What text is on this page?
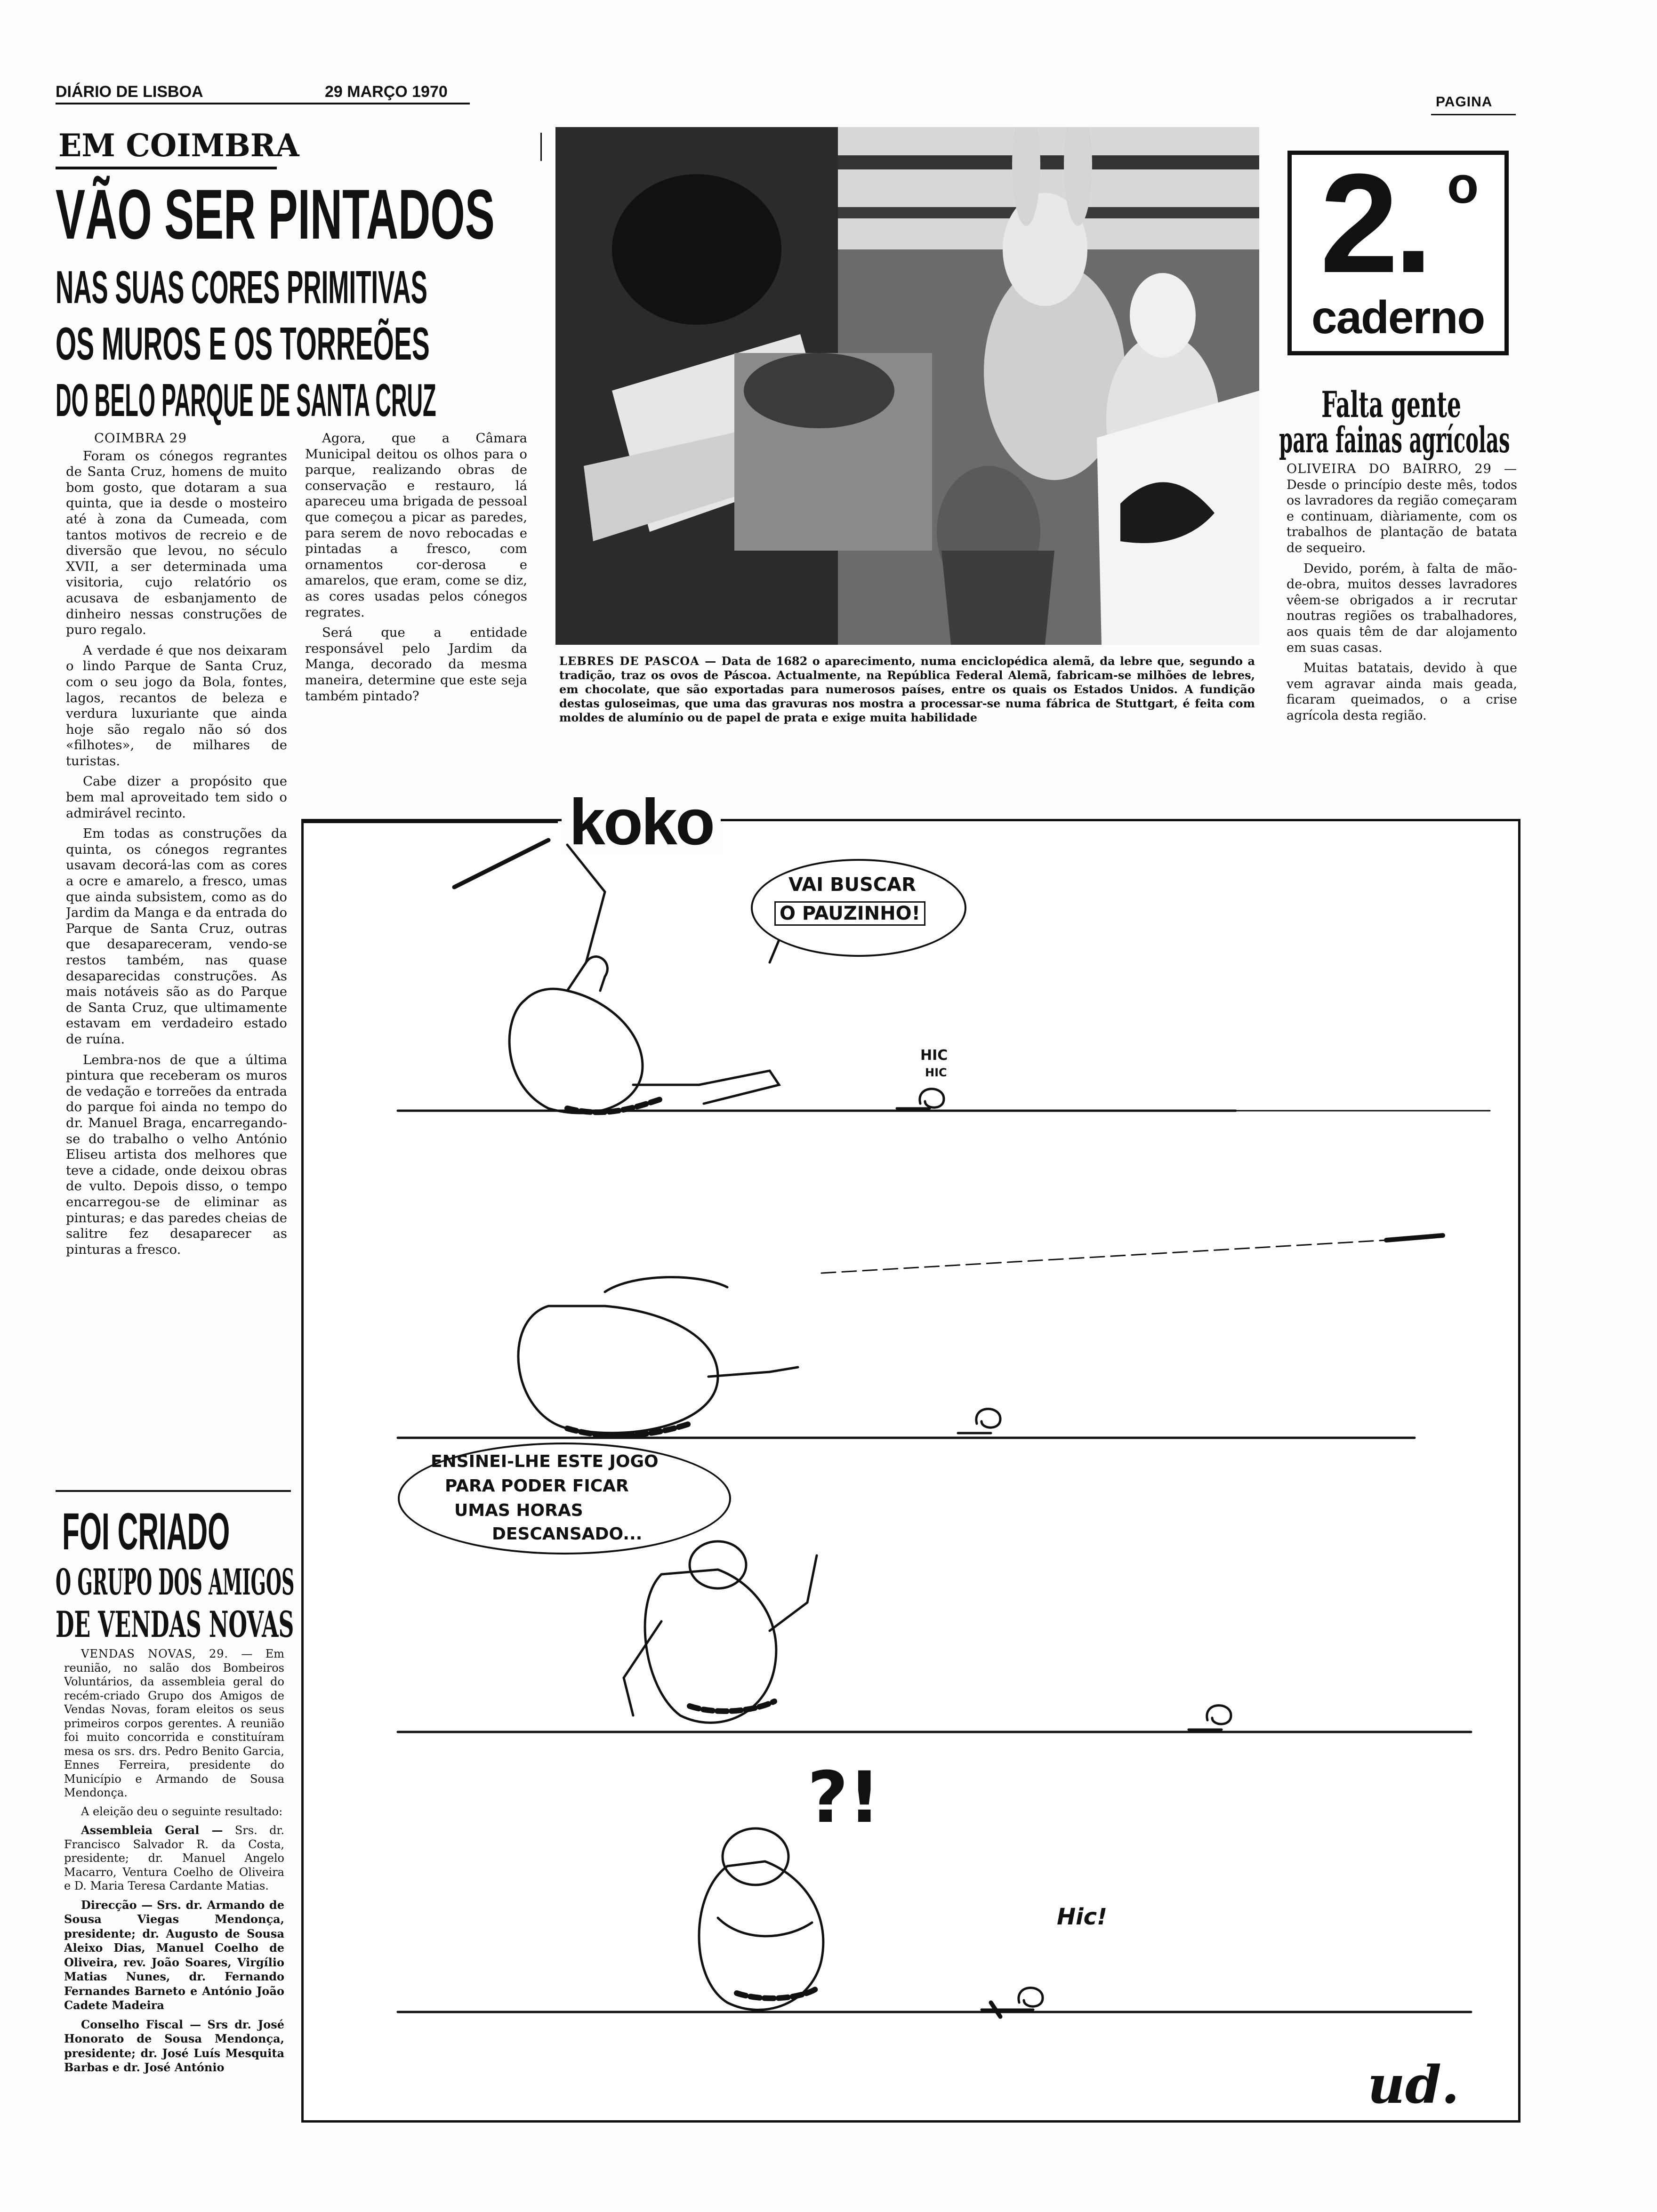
DIÁRIO DE LISBOA	29 MARÇO 1970
PAGINA
EM COIMBRA
VÃO SER PINTADOS
NAS SUAS CORES PRIMITIVAS
OS MUROS E OS TORREÕES
DO BELO PARQUE DE SANTA CRUZ
COIMBRA 29

Foram os cónegos regrantes de Santa Cruz, homens de muito bom gosto, que dotaram a sua quinta, que ia desde o mosteiro até à zona da Cumeada, com tantos motivos de recreio e de diversão que levou, no século XVII, a ser determinada uma visitoria, cujo relatório os acusava de esbanjamento de dinheiro nessas construções de puro regalo.

A verdade é que nos deixaram o lindo Parque de Santa Cruz, com o seu jogo da Bola, fontes, lagos, recantos de beleza e verdura luxuriante que ainda hoje são regalo não só dos «filhotes», de milhares de turistas.

Cabe dizer a propósito que bem mal aproveitado tem sido o admirável recinto.

Em todas as construções da quinta, os cónegos regrantes usavam decorá-las com as cores a ocre e amarelo, a fresco, umas que ainda subsistem, como as do Jardim da Manga e da entrada do Parque de Santa Cruz, outras que desapareceram, vendo-se restos também, nas quase desaparecidas construções. As mais notáveis são as do Parque de Santa Cruz, que ultimamente estavam em verdadeiro estado de ruína.

Lembra-nos de que a última pintura que receberam os muros de vedação e torreões da entrada do parque foi ainda no tempo do dr. Manuel Braga, encarregando-se do trabalho o velho António Eliseu artista dos melhores que teve a cidade, onde deixou obras de vulto. Depois disso, o tempo encarregou-se de eliminar as pinturas; e das paredes cheias de salitre fez desaparecer as pinturas a fresco.

Agora, que a Câmara Municipal deitou os olhos para o parque, realizando obras de conservação e restauro, lá apareceu uma brigada de pessoal que começou a picar as paredes, para serem de novo rebocadas e pintadas a fresco, com ornamentos cor-derosa e amarelos, que eram, come se diz, as cores usadas pelos cónegos regrates.

Será que a entidade responsável pelo Jardim da Manga, decorado da mesma maneira, determine que este seja também pintado?

LEBRES DE PASCOA — Data de 1682 o aparecimento, numa enciclopédica alemã, da lebre que, segundo a tradição, traz os ovos de Páscoa. Actualmente, na República Federal Alemã, fabricam-se milhões de lebres, em chocolate, que são exportadas para numerosos países, entre os quais os Estados Unidos. A fundição destas guloseimas, que uma das gravuras nos mostra a processar-se numa fábrica de Stuttgart, é feita com moldes de alumínio ou de papel de prata e exige muita habilidade
2. o
caderno
Falta gente
para fainas agrícolas

OLIVEIRA DO BAIRRO, 29 — Desde o princípio deste mês, todos os lavradores da região começaram e continuam, diàriamente, com os trabalhos de plantação de batata de sequeiro.

Devido, porém, à falta de mão-de-obra, muitos desses lavradores vêem-se obrigados a ir recrutar noutras regiões os trabalhadores, aos quais têm de dar alojamento em suas casas.

Muitas batatais, devido à que vem agravar ainda mais geada, ficaram queimados, o a crise agrícola desta região.

FOI CRIADO
O GRUPO DOS AMIGOS
DE VENDAS NOVAS

VENDAS NOVAS, 29. — Em reunião, no salão dos Bombeiros Voluntários, da assembleia geral do recém-criado Grupo dos Amigos de Vendas Novas, foram eleitos os seus primeiros corpos gerentes. A reunião foi muito concorrida e constituíram mesa os srs. drs. Pedro Benito Garcia, Ennes Ferreira, presidente do Município e Armando de Sousa Mendonça.

A eleição deu o seguinte resultado:

Assembleia Geral — Srs. dr. Francisco Salvador R. da Costa, presidente; dr. Manuel Angelo Macarro, Ventura Coelho de Oliveira e D. Maria Teresa Cardante Matias.

Direcção — Srs. dr. Armando de Sousa Viegas Mendonça, presidente; dr. Augusto de Sousa Aleixo Dias, Manuel Coelho de Oliveira, rev. João Soares, Virgílio Matias Nunes, dr. Fernando Fernandes Barneto e António João Cadete Madeira

Conselho Fiscal — Srs dr. José Honorato de Sousa Mendonça, presidente; dr. José Luís Mesquita Barbas e dr. José António

koko
VAI BUSCAR
O PAUZINHO!
HIC
HIC
ENSINEI-LHE ESTE JOGO
PARA PODER FICAR
UMAS HORAS
DESCANSADO...
?!
Hic!
ud.
